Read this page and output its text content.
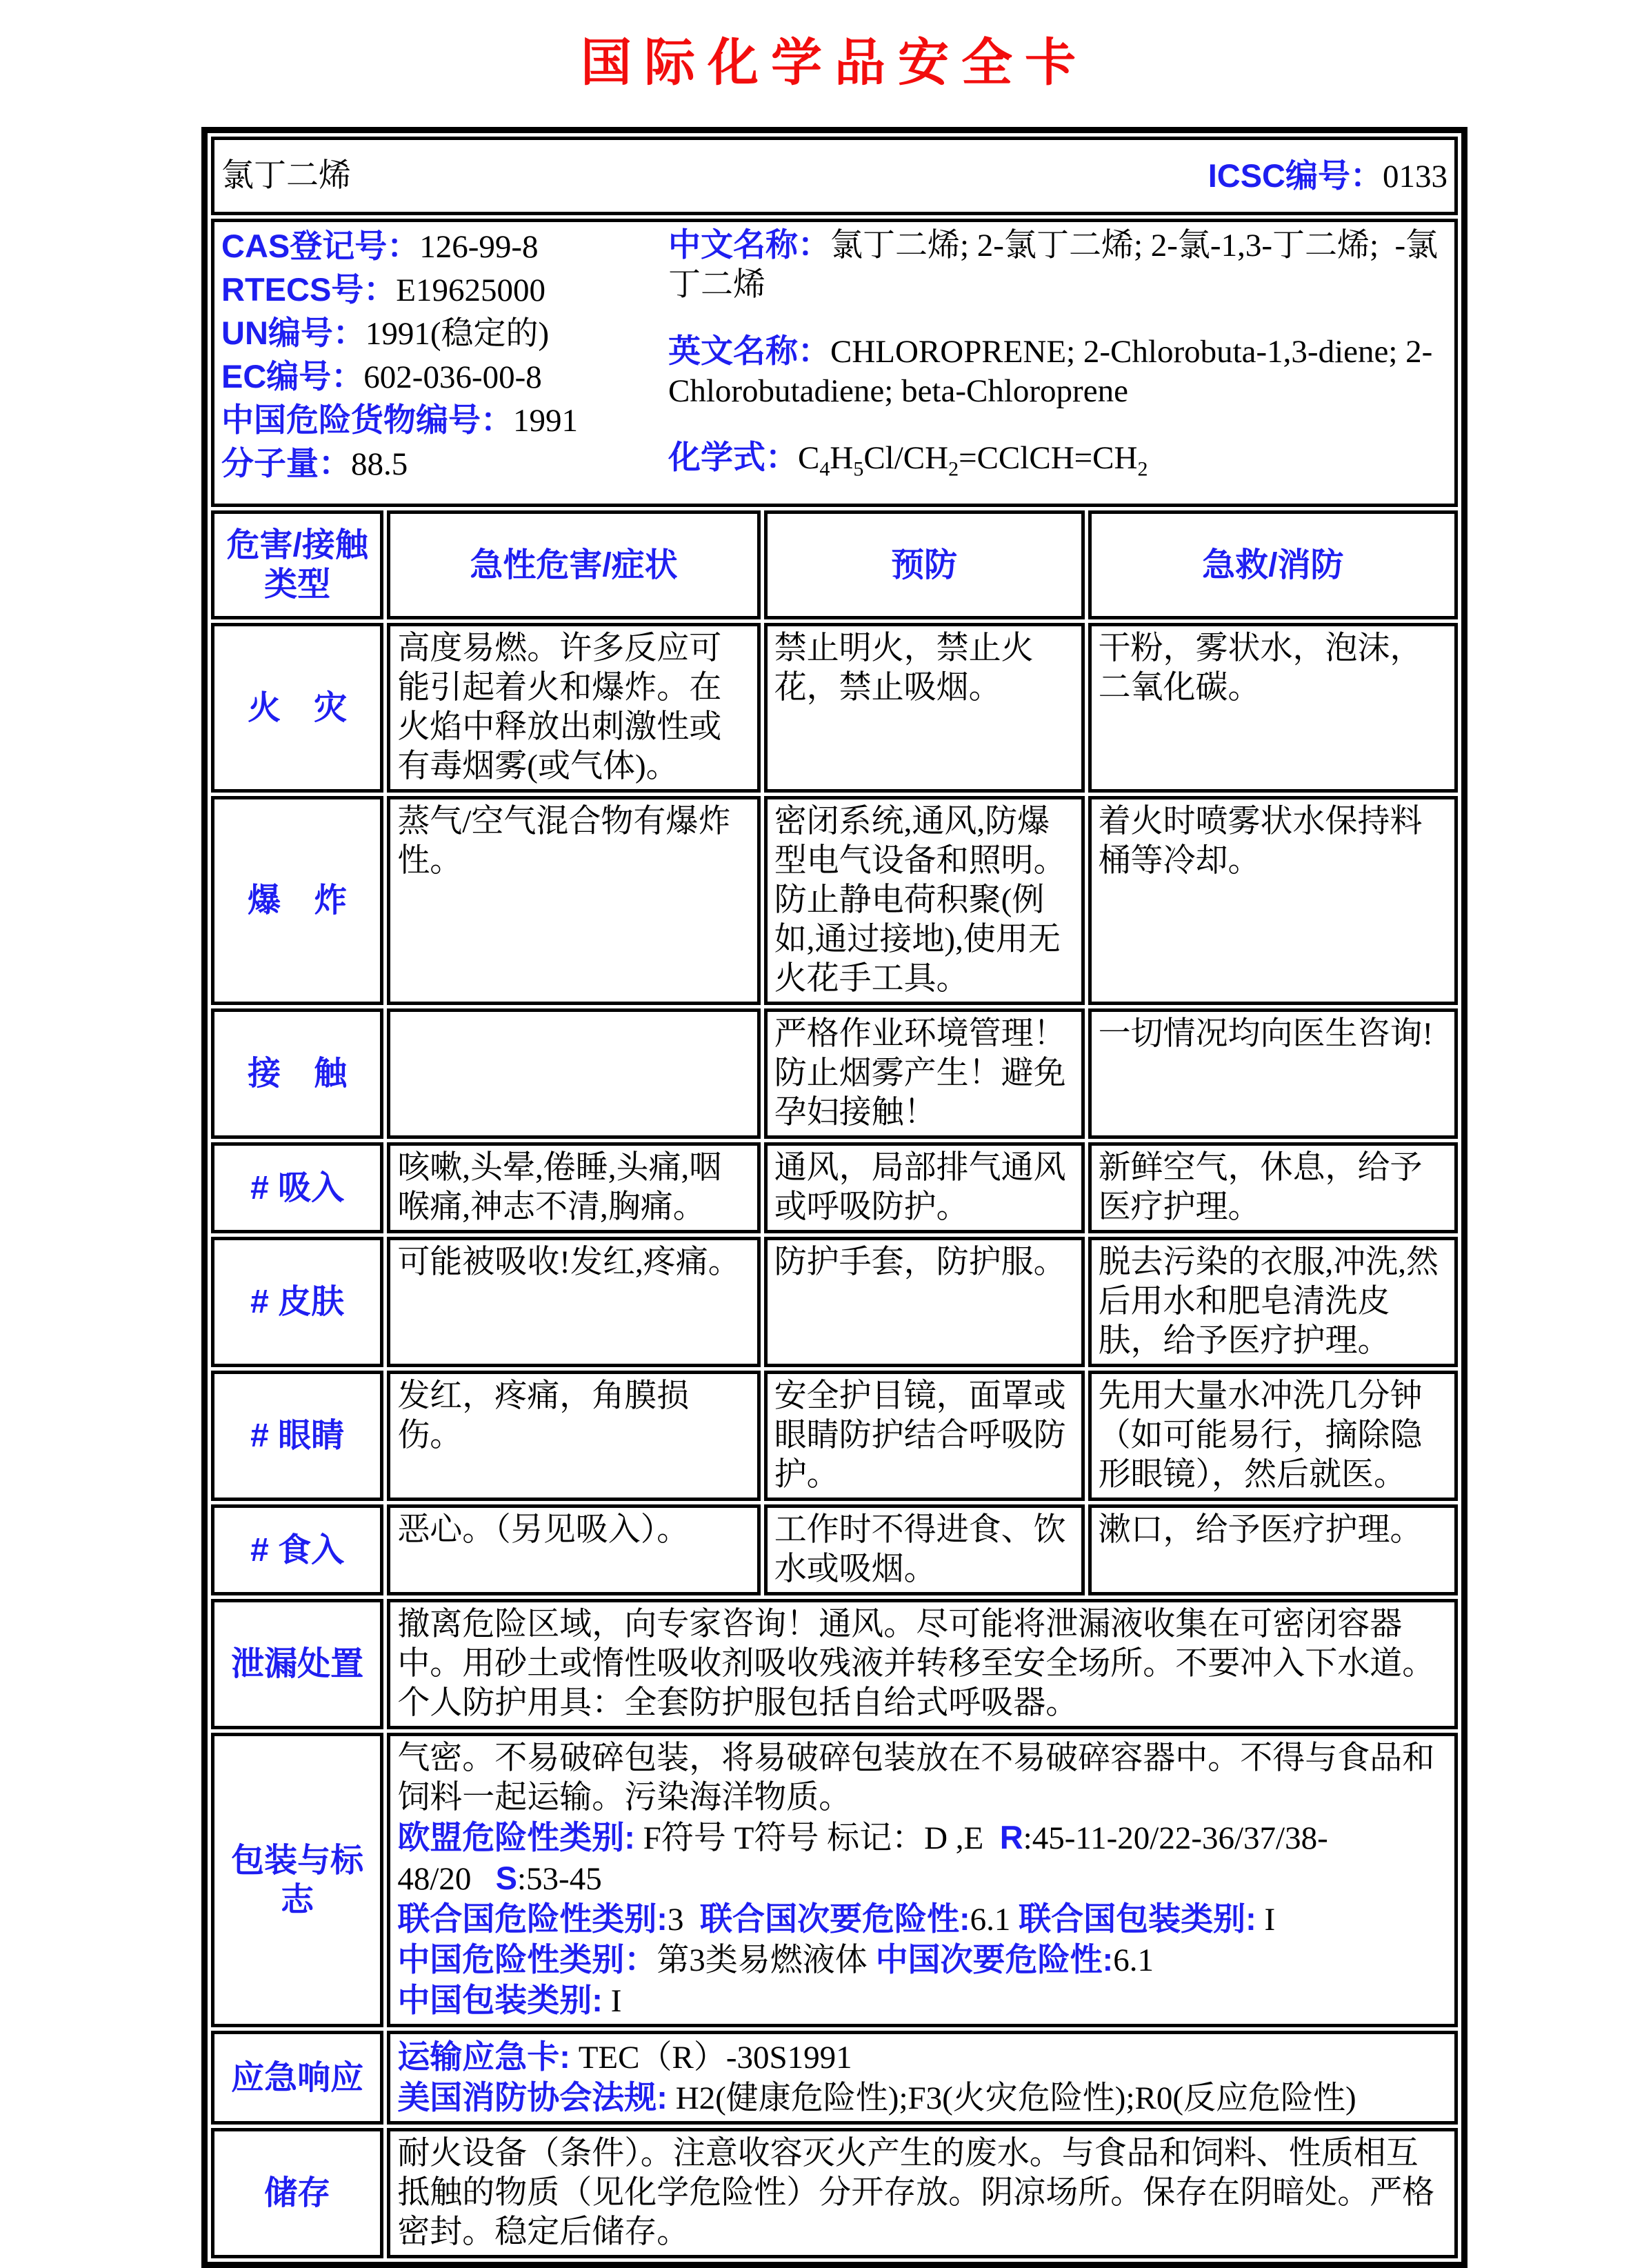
国际化学品安全卡
氯丁二烯 ICSC编号：0133			

CAS登记号：126-99-8
RTECS号：E19625000
UN编号：1991(稳定的)
EC编号：602-036-00-8
中国危险货物编号：1991
分子量：88.5

中文名称：氯丁二烯; 2-氯丁二烯; 2-氯-1,3-丁二烯;  -氯丁二烯

英文名称：CHLOROPRENE; 2-Chlorobuta-1,3-diene; 2-Chlorobutadiene; beta-Chloroprene

化学式：$C_4H_5Cl/CH_2=CClCH=CH_2$

危害/接触
类型	急性危害/症状	预防	急救/消防
火　灾	高度易燃。许多反应可能引起着火和爆炸。在火焰中释放出刺激性或有毒烟雾(或气体)。	禁止明火，禁止火花，禁止吸烟。	干粉，雾状水，泡沫，二氧化碳。
爆　炸	蒸气/空气混合物有爆炸性。	密闭系统,通风,防爆型电气设备和照明。防止静电荷积聚(例如,通过接地),使用无火花手工具。	着火时喷雾状水保持料桶等冷却。
接　触		严格作业环境管理！防止烟雾产生！避免孕妇接触！	一切情况均向医生咨询!
# 吸入	咳嗽,头晕,倦睡,头痛,咽喉痛,神志不清,胸痛。	通风，局部排气通风或呼吸防护。	新鲜空气，休息，给予医疗护理。
# 皮肤	可能被吸收!发红,疼痛。	防护手套，防护服。	脱去污染的衣服,冲洗,然后用水和肥皂清洗皮肤，给予医疗护理。
# 眼睛	发红，疼痛，角膜损伤。	安全护目镜，面罩或眼睛防护结合呼吸防护。	先用大量水冲洗几分钟（如可能易行，摘除隐形眼镜），然后就医。
# 食入	恶心。（另见吸入）。	工作时不得进食、饮水或吸烟。	漱口，给予医疗护理。
泄漏处置	撤离危险区域，向专家咨询！通风。尽可能将泄漏液收集在可密闭容器中。用砂土或惰性吸收剂吸收残液并转移至安全场所。不要冲入下水道。个人防护用具：全套防护服包括自给式呼吸器。		
包装与标志	气密。不易破碎包装，将易破碎包装放在不易破碎容器中。不得与食品和饲料一起运输。污染海洋物质。
欧盟危险性类别: F符号 T符号 标记：D ,E  R:45-11-20/22-36/37/38-48/20   S:53-45
联合国危险性类别:3  联合国次要危险性:6.1 联合国包装类别: I
中国危险性类别：第3类易燃液体 中国次要危险性:6.1
中国包装类别: I		

应急响应	运输应急卡: TEC（R）-30S1991
美国消防协会法规: H2(健康危险性);F3(火灾危险性);R0(反应危险性)		

储存	耐火设备（条件）。注意收容灭火产生的废水。与食品和饲料、性质相互抵触的物质（见化学危险性）分开存放。阴凉场所。保存在阴暗处。严格密封。稳定后储存。		
